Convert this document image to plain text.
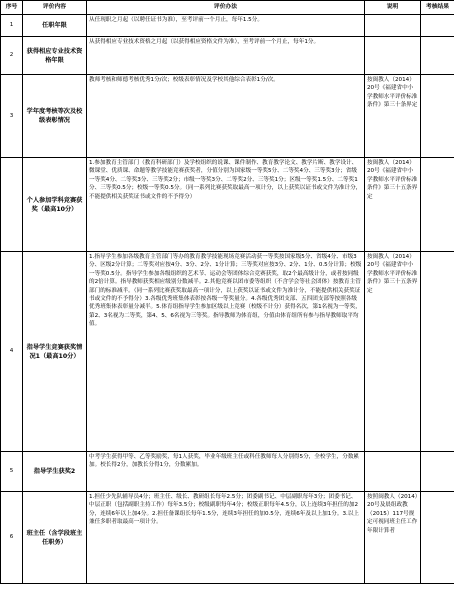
序号	评价内容	评价办法	说明	考核结果
1	任职年限	从任现职之月起（以聘任证书为准），至考评前一个月止，每年1.5分。		
2	获得相应专业技术资格年限	从获得相应专业技术资格之月起（以获得相应资格文件为准），至考评前一个月止，每年1分。		
3	学年度考核等次及校级表彰情况	教师考核和师德考核优秀1分/次；校级表彰情况及学校其他综合表彰1分/次。	按闽教人（2014）20号《福建省中小学教师水平评价标准条件》第三十条界定	
	个人参加学科竞赛获奖（最高10分）	1.参加教育主管部门（教育科研部门）及学校组织的说课、课件制作、教育教学论文、教学片断、教学设计、微课堂、优质课、命题等教学技能竞赛获奖者，分值分别为国家级一等奖5分、二等奖4分、三等奖3分；省级一等奖4分、二等奖3分、三等奖2分；市级一等奖3分、二等奖2分、三等奖1分；区级一等奖1.5分、二等奖1分、三等奖0.5分；校级一等奖0.5分。（同一系列比赛获奖取最高一项计分，以上获奖以证书或文件为准计分，不能提供相关获奖证书或文件的不予得分）	按闽教人（2014）20号《福建省中小学教师水平评价标准条件》第三十五条界定	
4	指导学生竞赛获奖情况1（最高10分）	1.指导学生参加各级教育主管部门等办的教育教学技能现场竞赛活动获一等奖按国家级5分、省级4分、市级3分、区级2分计算；二等奖对应按4分、3分、2分、1分计算；三等奖对应按3分、2分、1分、0.5分计算；校级一等奖0.5分。指导学生参加各级组织的艺术节、运动会等团体综合竞赛获奖，取2个最高级计分，或者按同级的2倍计算。指导教师获奖相应级别分数减半。2.其他竞赛以团市委等组织（不含学会等社会团体）按教育主管部门的标准减半。（同一系列比赛获奖取最高一项计分，以上获奖以证书或文件为准计分，不能提供相关获奖证书或文件的不予得分）3.各级优秀班集体表彰按各级一等奖量分。4.各级优秀团支部、五四团支部等按照各级优秀班集体表彰量分减半。5.体育组指导学生参加区级以上竞赛（校级不计分）获得名次，第1名视为一等奖，第2、3名视为二等奖，第4、5、6名视为三等奖。指导教师为体育组，分值由体育组所有参与指导教师取平均值。	按闽教人（2014）20号《福建省中小学教师水平评价标准条件》第三十五条界定	
5	指导学生获奖2	中考学生获得甲等、乙等奖励奖，每1人获奖，毕业年级班主任或科任教师每人分别得5分，全校学生，分数累加。校长得2分，加教长分得1分，分数累加。		
6	班主任（含学段班主任职务）	1.担任少先队辅导员4分；班主任、级长、教研组长每年2.5分；团委副书记、中层副职每年3分；团委书记、中层正职（包括副职主持工作）每年3.5分；校级副职每年4分；校级正职每年4.5分，以上连续3年担任的加2分，连续6年以上加4分。2.担任备课组长每年1.5分，连续3年担任的加0.5分，连续6年及以上加1分。3.以上兼任多职者取最高一项计分。	按照闽教人（2014）20号及晨组政教（2015）117号规定可视同班主任工作年限计算者	
